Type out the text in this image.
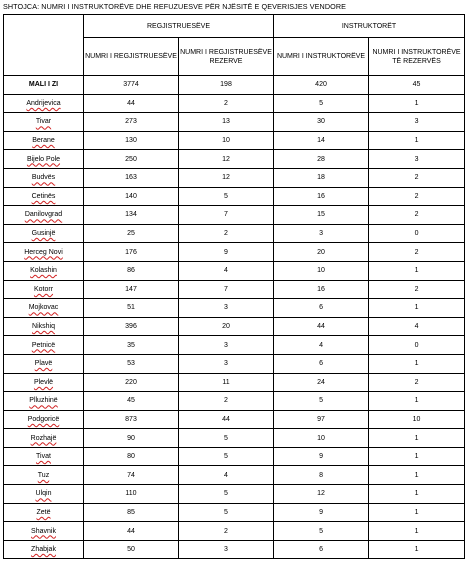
SHTOJCA: NUMRI I INSTRUKTORËVE DHE REFUZUESVE PËR NJËSITË E QEVERISJES VENDORE
	REGJISTRUESËVE		INSTRUKTORËT	
	NUMRI I REGJISTRUESËVE	NUMRI I REGJISTRUESËVE REZERVE	NUMRI I INSTRUKTORËVE	NUMRI I INSTRUKTORËVE TË REZERVËS
MALI I ZI	3774	198	420	45
Andrijevica	44	2	5	1
Tivar	273	13	30	3
Berane	130	10	14	1
Bijelo Pole	250	12	28	3
Budvës	163	12	18	2
Cetinës	140	5	16	2
Danilovgrad	134	7	15	2
Gusinjë	25	2	3	0
Herceg Novi	176	9	20	2
Kolashin	86	4	10	1
Kotorr	147	7	16	2
Mojkovac	51	3	6	1
Nikshiq	396	20	44	4
Petnicë	35	3	4	0
Plavë	53	3	6	1
Plevlë	220	11	24	2
Plluzhinë	45	2	5	1
Podgoricë	873	44	97	10
Rozhajë	90	5	10	1
Tivat	80	5	9	1
Tuz	74	4	8	1
Ulqin	110	5	12	1
Zetë	85	5	9	1
Shavnik	44	2	5	1
Zhabjak	50	3	6	1
